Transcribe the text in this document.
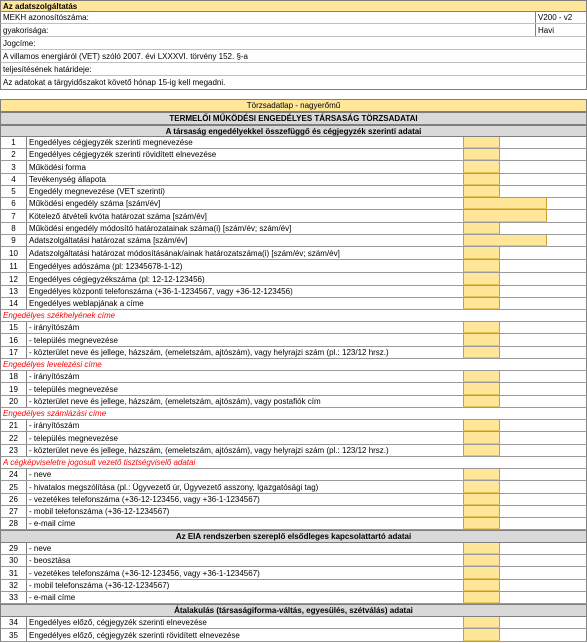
Az adatszolgáltatás
MEKH azonosítószáma:	V200 - v2
gyakorisága:	Havi
Jogcíme:
A villamos energiáról (VET) szóló 2007. évi LXXXVI. törvény 152. §-a
teljesítésének határideje:
Az adatokat a tárgyidőszakot követő hónap 15-ig kell megadni.
Törzsadatlap - nagyerőmű
TERMELŐI MŰKÖDÉSI ENGEDÉLYES TÁRSASÁG TÖRZSADATAI
A társaság engedélyekkel összefüggő és cégjegyzék szerinti adatai
1	Engedélyes cégjegyzék szerinti megnevezése
2	Engedélyes cégjegyzék szerinti rövidített elnevezése
3	Működési forma
4	Tevékenység állapota
5	Engedély megnevezése (VET szerinti)
6	Működési engedély száma [szám/év]
7	Kötelező átvételi kvóta határozat száma [szám/év]
8	Működési engedély módosító határozatainak száma(i) [szám/év; szám/év]
9	Adatszolgáltatási határozat száma [szám/év]
10	Adatszolgáltatási határozat módosításának/ainak határozatszáma(i) [szám/év; szám/év]
11	Engedélyes adószáma (pl: 12345678-1-12)
12	Engedélyes cégjegyzékszáma (pl: 12-12-123456)
13	Engedélyes központi telefonszáma (+36-1-1234567, vagy +36-12-123456)
14	Engedélyes weblapjának a címe
Engedélyes székhelyének címe
15	- irányítószám
16	- település megnevezése
17	- közterület neve és jellege, házszám, (emeletszám, ajtószám), vagy helyrajzi szám (pl.: 123/12 hrsz.)
Engedélyes levelezési címe
18	- irányítószám
19	- település megnevezése
20	- közterület neve és jellege, házszám, (emeletszám, ajtószám), vagy postafiók cím
Engedélyes számlázási címe
21	- irányítószám
22	- település megnevezése
23	- közterület neve és jellege, házszám, (emeletszám, ajtószám), vagy helyrajzi szám (pl.: 123/12 hrsz.)
A cégképviseletre jogosult vezető tisztségviselő adatai
24	- neve
25	- hivatalos megszólítása (pl.: Ügyvezető úr, Ügyvezető asszony, Igazgatósági tag)
26	- vezetékes telefonszáma (+36-12-123456, vagy +36-1-1234567)
27	- mobil telefonszáma (+36-12-1234567)
28	- e-mail címe
Az EIA rendszerben szereplő elsődleges kapcsolattartó adatai
29	- neve
30	- beosztása
31	- vezetékes telefonszáma (+36-12-123456, vagy +36-1-1234567)
32	- mobil telefonszáma (+36-12-1234567)
33	- e-mail címe
Átalakulás (társaságiforma-váltás, egyesülés, szétválás) adatai
34	Engedélyes előző, cégjegyzék szerinti elnevezése
35	Engedélyes előző, cégjegyzék szerinti rövidített elnevezése
